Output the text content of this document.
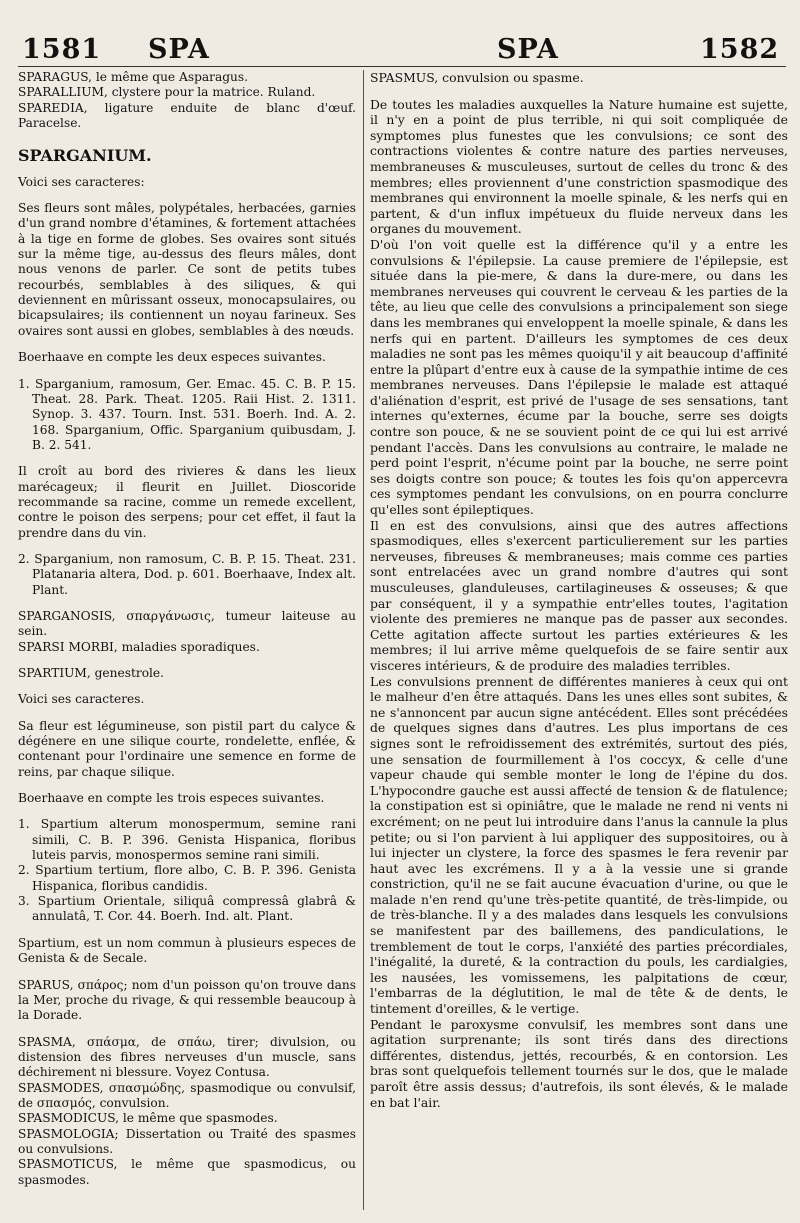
1581 SPA	SPA	1582

SPARAGUS, le même que Asparagus.

SPARALLIUM, clystere pour la matrice. Ruland.

SPAREDIA, ligature enduite de blanc d'œuf. Paracelse.

SPARGANIUM.

Voici ses caracteres:

Ses fleurs sont mâles, polypétales, herbacées, garnies d'un grand nombre d'étamines, & fortement attachées à la tige en forme de globes. Ses ovaires sont situés sur la même tige, au-dessus des fleurs mâles, dont nous venons de parler. Ce sont de petits tubes recourbés, semblables à des siliques, & qui deviennent en mûrissant osseux, monocapsulaires, ou bicapsulaires; ils contiennent un noyau farineux. Ses ovaires sont aussi en globes, semblables à des nœuds.

Boerhaave en compte les deux especes suivantes.

1. Sparganium, ramosum, Ger. Emac. 45. C. B. P. 15. Theat. 28. Park. Theat. 1205. Raii Hist. 2. 1311. Synop. 3. 437. Tourn. Inst. 531. Boerh. Ind. A. 2. 168. Sparganium, Offic. Sparganium quibusdam, J. B. 2. 541.

Il croît au bord des rivieres & dans les lieux marécageux; il fleurit en Juillet. Dioscoride recommande sa racine, comme un remede excellent, contre le poison des serpens; pour cet effet, il faut la prendre dans du vin.

2. Sparganium, non ramosum, C. B. P. 15. Theat. 231. Platanaria altera, Dod. p. 601. Boerhaave, Index alt. Plant.

SPARGANOSIS, σπαργάνωσις, tumeur laiteuse au sein.

SPARSI MORBI, maladies sporadiques.

SPARTIUM, genestrole.

Voici ses caracteres.

Sa fleur est légumineuse, son pistil part du calyce & dégénere en une silique courte, rondelette, enflée, & contenant pour l'ordinaire une semence en forme de reins, par chaque silique.

Boerhaave en compte les trois especes suivantes.

1. Spartium alterum monospermum, semine rani simili, C. B. P. 396. Genista Hispanica, floribus luteis parvis, monospermos semine rani simili.

2. Spartium tertium, flore albo, C. B. P. 396. Genista Hispanica, floribus candidis.

3. Spartium Orientale, siliquâ compressâ glabrâ & annulatâ, T. Cor. 44. Boerh. Ind. alt. Plant.

Spartium, est un nom commun à plusieurs especes de Genista & de Secale.

SPARUS, σπάρος; nom d'un poisson qu'on trouve dans la Mer, proche du rivage, & qui ressemble beaucoup à la Dorade.

SPASMA, σπάσμα, de σπάω, tirer; divulsion, ou distension des fibres nerveuses d'un muscle, sans déchirement ni blessure. Voyez Contusa.

SPASMODES, σπασμώδης, spasmodique ou convulsif, de σπασμός, convulsion.

SPASMODICUS, le même que spasmodes.

SPASMOLOGIA; Dissertation ou Traité des spasmes ou convulsions.

SPASMOTICUS, le même que spasmodicus, ou spasmodes.

SPASMUS, convulsion ou spasme.

De toutes les maladies auxquelles la Nature humaine est sujette, il n'y en a point de plus terrible, ni qui soit compliquée de symptomes plus funestes que les convulsions; ce sont des contractions violentes & contre nature des parties nerveuses, membraneuses & musculeuses, surtout de celles du tronc & des membres; elles proviennent d'une constriction spasmodique des membranes qui environnent la moelle spinale, & les nerfs qui en partent, & d'un influx impétueux du fluide nerveux dans les organes du mouvement.

D'où l'on voit quelle est la différence qu'il y a entre les convulsions & l'épilepsie. La cause premiere de l'épilepsie, est située dans la pie-mere, & dans la dure-mere, ou dans les membranes nerveuses qui couvrent le cerveau & les parties de la tête, au lieu que celle des convulsions a principalement son siege dans les membranes qui enveloppent la moelle spinale, & dans les nerfs qui en partent. D'ailleurs les symptomes de ces deux maladies ne sont pas les mêmes quoiqu'il y ait beaucoup d'affinité entre la plûpart d'entre eux à cause de la sympathie intime de ces membranes nerveuses. Dans l'épilepsie le malade est attaqué d'aliénation d'esprit, est privé de l'usage de ses sensations, tant internes qu'externes, écume par la bouche, serre ses doigts contre son pouce, & ne se souvient point de ce qui lui est arrivé pendant l'accès. Dans les convulsions au contraire, le malade ne perd point l'esprit, n'écume point par la bouche, ne serre point ses doigts contre son pouce; & toutes les fois qu'on appercevra ces symptomes pendant les convulsions, on en pourra conclurre qu'elles sont épileptiques.

Il en est des convulsions, ainsi que des autres affections spasmodiques, elles s'exercent particulierement sur les parties nerveuses, fibreuses & membraneuses; mais comme ces parties sont entrelacées avec un grand nombre d'autres qui sont musculeuses, glanduleuses, cartilagineuses & osseuses; & que par conséquent, il y a sympathie entr'elles toutes, l'agitation violente des premieres ne manque pas de passer aux secondes. Cette agitation affecte surtout les parties extérieures & les membres; il lui arrive même quelquefois de se faire sentir aux visceres intérieurs, & de produire des maladies terribles.

Les convulsions prennent de différentes manieres à ceux qui ont le malheur d'en être attaqués. Dans les unes elles sont subites, & ne s'annoncent par aucun signe antécédent. Elles sont précédées de quelques signes dans d'autres. Les plus importans de ces signes sont le refroidissement des extrémités, surtout des piés, une sensation de fourmillement à l'os coccyx, & celle d'une vapeur chaude qui semble monter le long de l'épine du dos. L'hypocondre gauche est aussi affecté de tension & de flatulence; la constipation est si opiniâtre, que le malade ne rend ni vents ni excrément; on ne peut lui introduire dans l'anus la cannule la plus petite; ou si l'on parvient à lui appliquer des suppositoires, ou à lui injecter un clystere, la force des spasmes le fera revenir par haut avec les excrémens. Il y a à la vessie une si grande constriction, qu'il ne se fait aucune évacuation d'urine, ou que le malade n'en rend qu'une très-petite quantité, de très-limpide, ou de très-blanche. Il y a des malades dans lesquels les convulsions se manifestent par des baillemens, des pandiculations, le tremblement de tout le corps, l'anxiété des parties précordiales, l'inégalité, la dureté, & la contraction du pouls, les cardialgies, les nausées, les vomissemens, les palpitations de cœur, l'embarras de la déglutition, le mal de tête & de dents, le tintement d'oreilles, & le vertige.

Pendant le paroxysme convulsif, les membres sont dans une agitation surprenante; ils sont tirés dans des directions différentes, distendus, jettés, recourbés, & en contorsion. Les bras sont quelquefois tellement tournés sur le dos, que le malade paroît être assis dessus; d'autrefois, ils sont élevés, & le malade en bat l'air.
